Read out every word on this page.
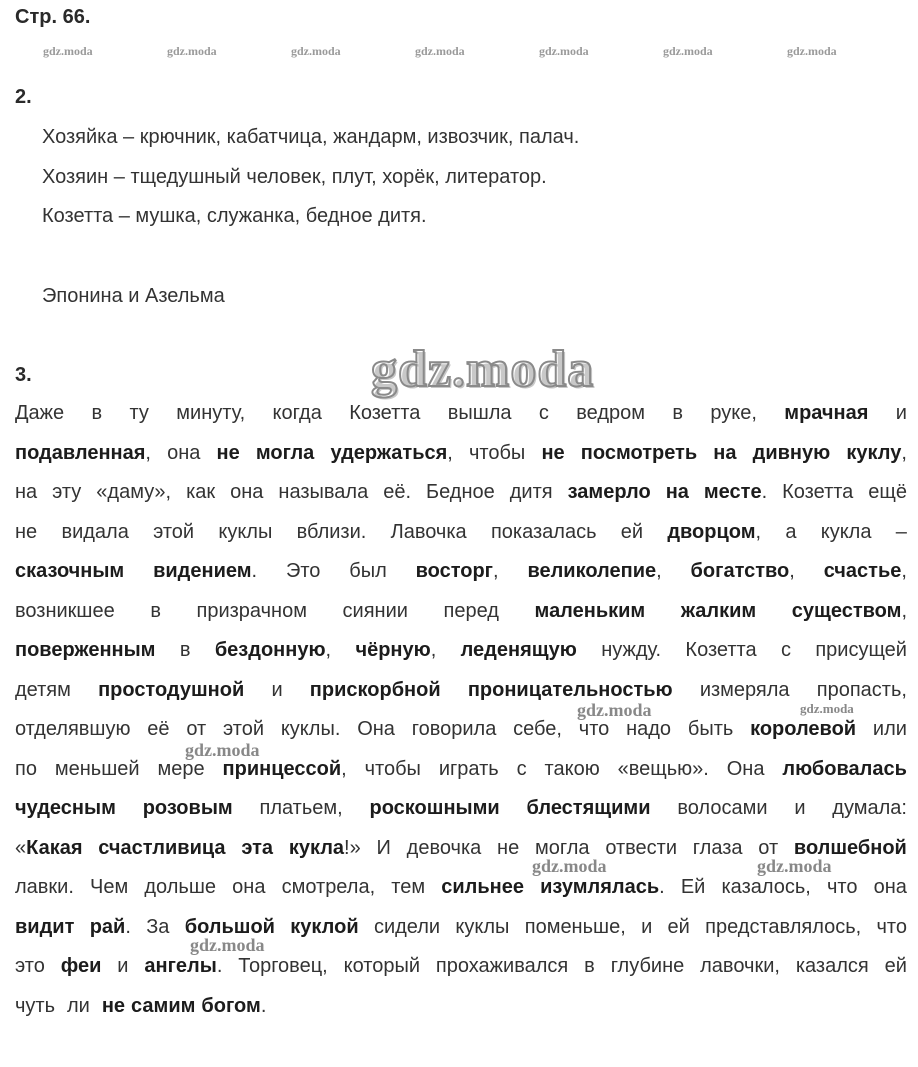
Стр. 66.
gdz.moda	gdz.moda	gdz.moda	gdz.moda	gdz.moda	gdz.moda	gdz.moda
2.
Хозяйка – крючник, кабатчица, жандарм, извозчик, палач.
Хозяин – тщедушный человек, плут, хорёк, литератор.
Козетта – мушка, служанка, бедное дитя.
Эпонина и Азельма
3.	gdz.moda
Даже в ту минуту, когда Козетта вышла с ведром в руке, мрачная и
подавленная, она не могла удержаться, чтобы не посмотреть на дивную куклу,
на эту «даму», как она называла её. Бедное дитя замерло на месте. Козетта ещё
не видала этой куклы вблизи. Лавочка показалась ей дворцом, а кукла –
сказочным видением. Это был восторг, великолепие, богатство, счастье,
возникшее в призрачном сиянии перед маленьким жалким существом,
поверженным в бездонную, чёрную, леденящую нужду. Козетта с присущей
детям простодушной и прискорбной проницательностью измеряла пропасть,
отделявшую её от этой куклы. Она говорила себе, что надо быть королевой или
по меньшей мере принцессой, чтобы играть с такою «вещью». Она любовалась
чудесным розовым платьем, роскошными блестящими волосами и думала:
«Какая счастливица эта кукла!» И девочка не могла отвести глаза от волшебной
лавки. Чем дольше она смотрела, тем сильнее изумлялась. Ей казалось, что она
видит рай. За большой куклой сидели куклы поменьше, и ей представлялось, что
это феи и ангелы. Торговец, который прохаживался в глубине лавочки, казался ей
чуть ли не самим богом.
gdz.moda	gdz.moda
gdz.moda
gdz.moda	gdz.moda
gdz.moda
